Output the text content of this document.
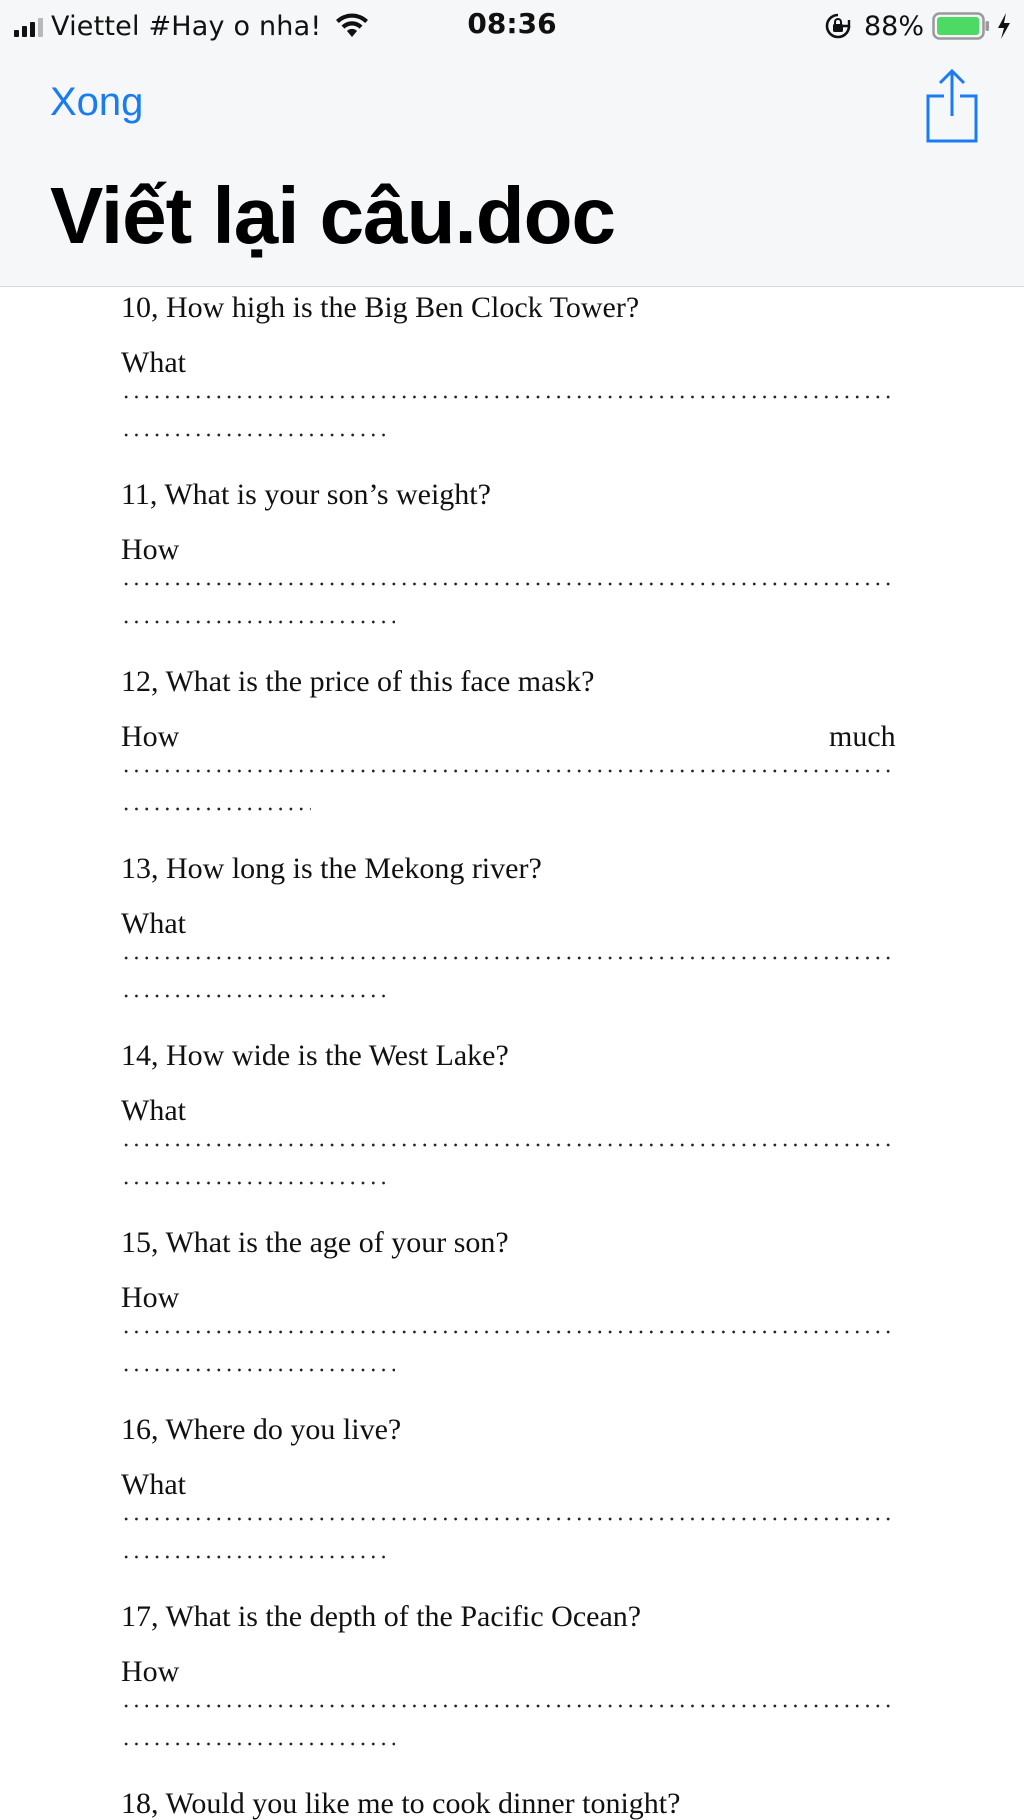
Viettel #Hay o nha!	08:36	88%
Xong
Viết lại câu.doc
10, How high is the Big Ben Clock Tower?
What
11, What is your son’s weight?
How
12, What is the price of this face mask?
How	much
13, How long is the Mekong river?
What
14, How wide is the West Lake?
What
15, What is the age of your son?
How
16, Where do you live?
What
17, What is the depth of the Pacific Ocean?
How
18, Would you like me to cook dinner tonight?
